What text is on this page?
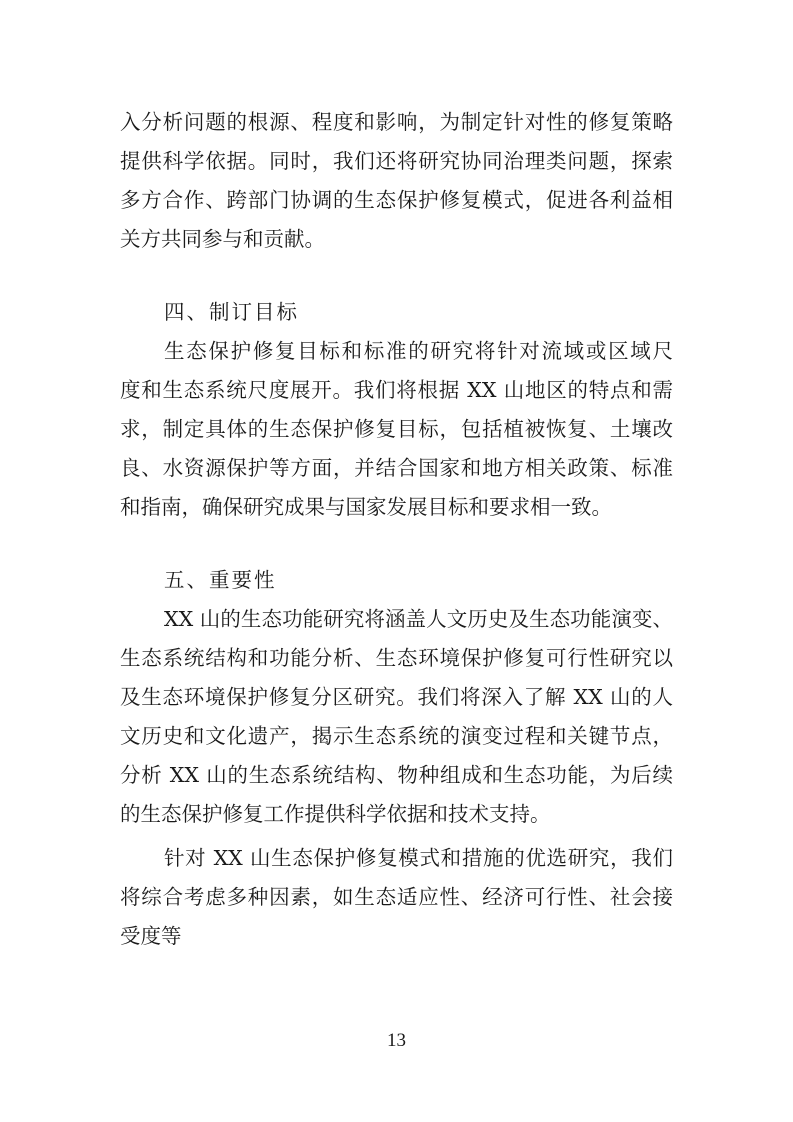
入分析问题的根源、程度和影响，为制定针对性的修复策略
提供科学依据。同时，我们还将研究协同治理类问题，探索
多方合作、跨部门协调的生态保护修复模式，促进各利益相
关方共同参与和贡献。
四、制订目标
生态保护修复目标和标准的研究将针对流域或区域尺
度和生态系统尺度展开。我们将根据 XX 山地区的特点和需
求，制定具体的生态保护修复目标，包括植被恢复、土壤改
良、水资源保护等方面，并结合国家和地方相关政策、标准
和指南，确保研究成果与国家发展目标和要求相一致。
五、重要性
XX 山的生态功能研究将涵盖人文历史及生态功能演变、
生态系统结构和功能分析、生态环境保护修复可行性研究以
及生态环境保护修复分区研究。我们将深入了解 XX 山的人
文历史和文化遗产，揭示生态系统的演变过程和关键节点，
分析 XX 山的生态系统结构、物种组成和生态功能，为后续
的生态保护修复工作提供科学依据和技术支持。
针对 XX 山生态保护修复模式和措施的优选研究，我们
将综合考虑多种因素，如生态适应性、经济可行性、社会接
受度等
13
